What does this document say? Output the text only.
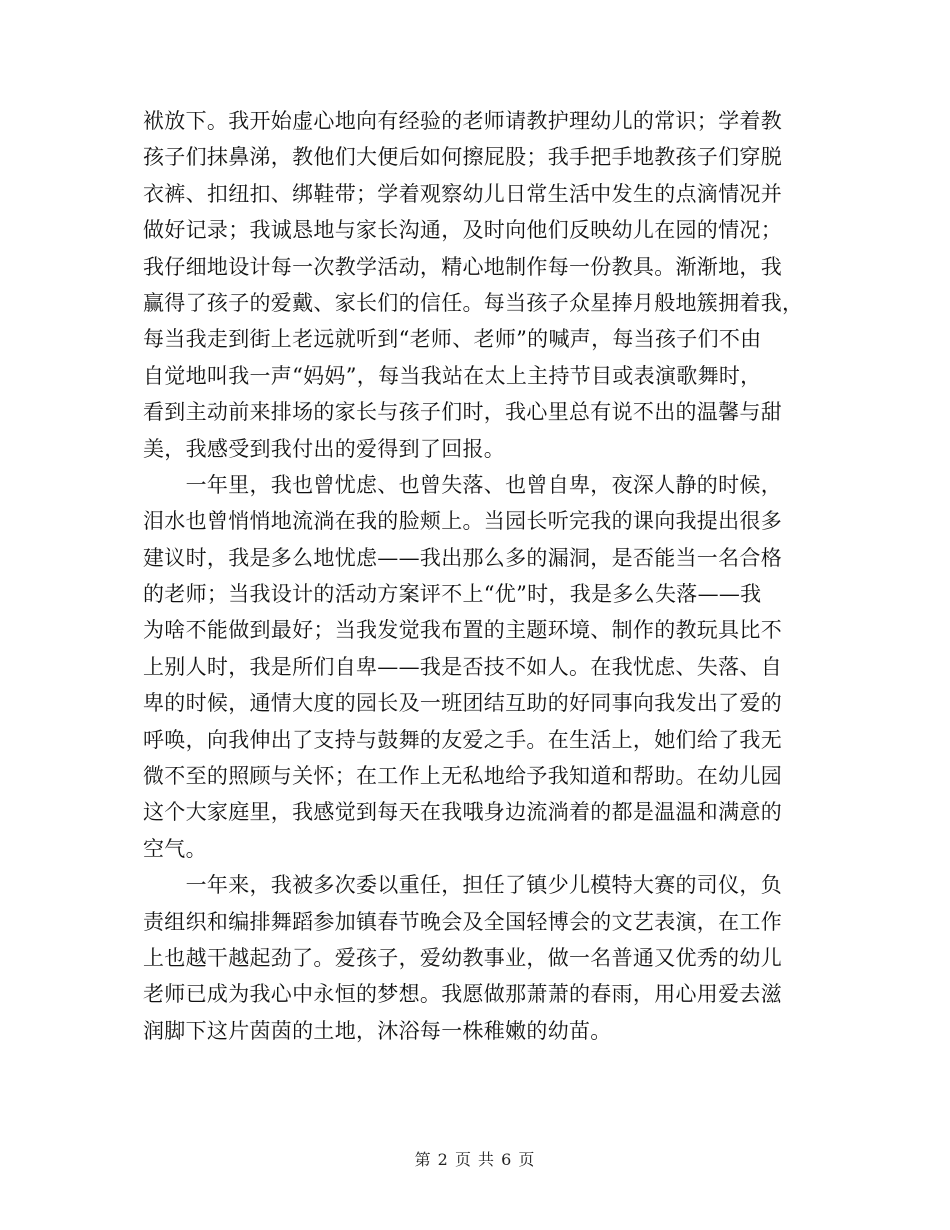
袱放下。我开始虚心地向有经验的老师请教护理幼儿的常识；学着教
孩子们抹鼻涕，教他们大便后如何擦屁股；我手把手地教孩子们穿脱
衣裤、扣纽扣、绑鞋带；学着观察幼儿日常生活中发生的点滴情况并
做好记录；我诚恳地与家长沟通，及时向他们反映幼儿在园的情况；
我仔细地设计每一次教学活动，精心地制作每一份教具。渐渐地，我
赢得了孩子的爱戴、家长们的信任。每当孩子众星捧月般地簇拥着我，
每当我走到街上老远就听到“老师、老师”的喊声，每当孩子们不由
自觉地叫我一声“妈妈”，每当我站在太上主持节目或表演歌舞时，
看到主动前来排场的家长与孩子们时，我心里总有说不出的温馨与甜
美，我感受到我付出的爱得到了回报。
　　一年里，我也曾忧虑、也曾失落、也曾自卑，夜深人静的时候，
泪水也曾悄悄地流淌在我的脸颊上。当园长听完我的课向我提出很多
建议时，我是多么地忧虑——我出那么多的漏洞，是否能当一名合格
的老师；当我设计的活动方案评不上“优”时，我是多么失落——我
为啥不能做到最好；当我发觉我布置的主题环境、制作的教玩具比不
上别人时，我是所们自卑——我是否技不如人。在我忧虑、失落、自
卑的时候，通情大度的园长及一班团结互助的好同事向我发出了爱的
呼唤，向我伸出了支持与鼓舞的友爱之手。在生活上，她们给了我无
微不至的照顾与关怀；在工作上无私地给予我知道和帮助。在幼儿园
这个大家庭里，我感觉到每天在我哦身边流淌着的都是温温和满意的
空气。
　　一年来，我被多次委以重任，担任了镇少儿模特大赛的司仪，负
责组织和编排舞蹈参加镇春节晚会及全国轻博会的文艺表演，在工作
上也越干越起劲了。爱孩子，爱幼教事业，做一名普通又优秀的幼儿
老师已成为我心中永恒的梦想。我愿做那萧萧的春雨，用心用爱去滋
润脚下这片茵茵的土地，沐浴每一株稚嫩的幼苗。
第 2 页 共 6 页
